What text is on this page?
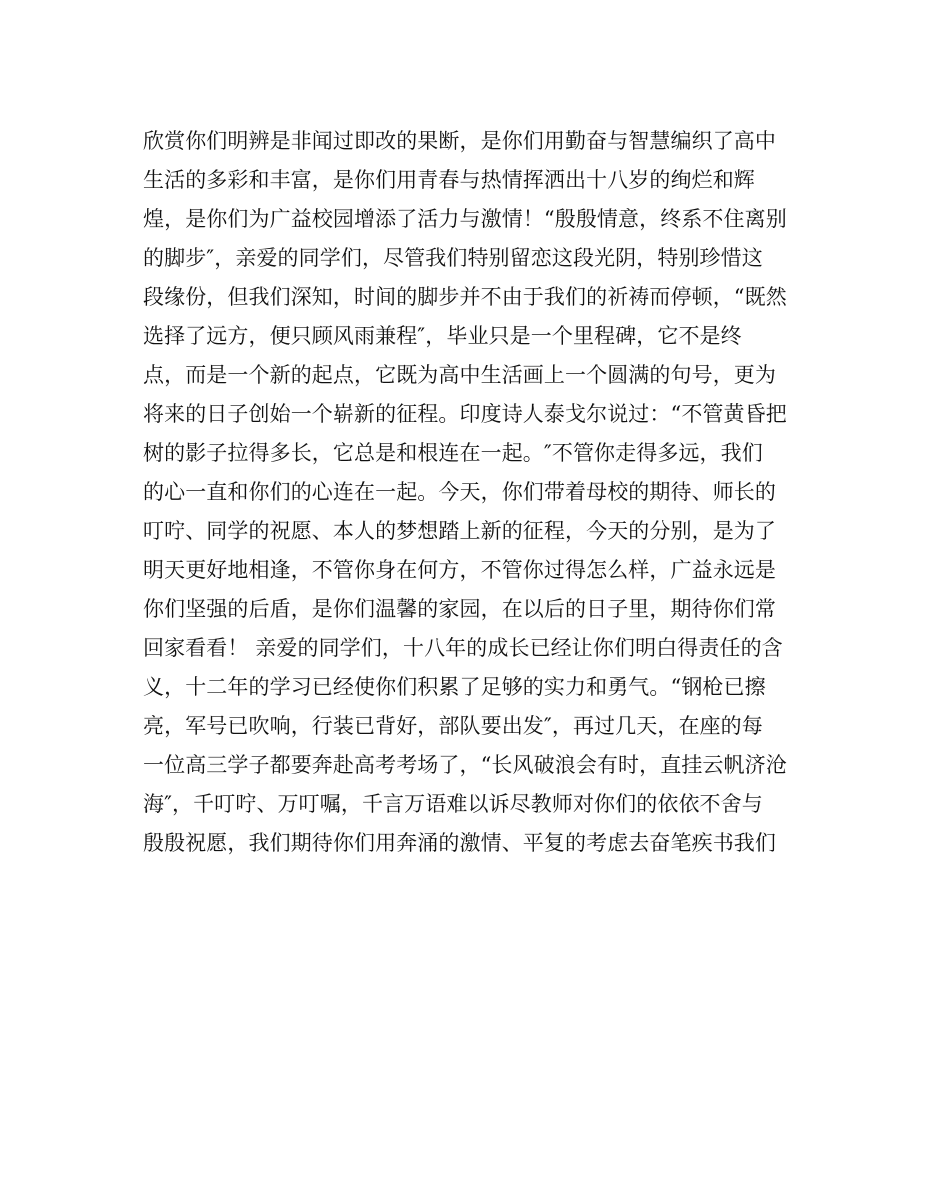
欣赏你们明辨是非闻过即改的果断，是你们用勤奋与智慧编织了高中
生活的多彩和丰富，是你们用青春与热情挥洒出十八岁的绚烂和辉
煌，是你们为广益校园增添了活力与激情！“殷殷情意，终系不住离别
的脚步″，亲爱的同学们，尽管我们特别留恋这段光阴，特别珍惜这
段缘份，但我们深知，时间的脚步并不由于我们的祈祷而停顿，“既然
选择了远方，便只顾风雨兼程″，毕业只是一个里程碑，它不是终
点，而是一个新的起点，它既为高中生活画上一个圆满的句号，更为
将来的日子创始一个崭新的征程。印度诗人泰戈尔说过：“不管黄昏把
树的影子拉得多长，它总是和根连在一起。″不管你走得多远，我们
的心一直和你们的心连在一起。今天，你们带着母校的期待、师长的
叮咛、同学的祝愿、本人的梦想踏上新的征程，今天的分别，是为了
明天更好地相逢，不管你身在何方，不管你过得怎么样，广益永远是
你们坚强的后盾，是你们温馨的家园，在以后的日子里，期待你们常
回家看看！ 亲爱的同学们，十八年的成长已经让你们明白得责任的含
义，十二年的学习已经使你们积累了足够的实力和勇气。“钢枪已擦
亮，军号已吹响，行装已背好，部队要出发″，再过几天，在座的每
一位高三学子都要奔赴高考考场了，“长风破浪会有时，直挂云帆济沧
海″，千叮咛、万叮嘱，千言万语难以诉尽教师对你们的依依不舍与
殷殷祝愿，我们期待你们用奔涌的激情、平复的考虑去奋笔疾书我们
